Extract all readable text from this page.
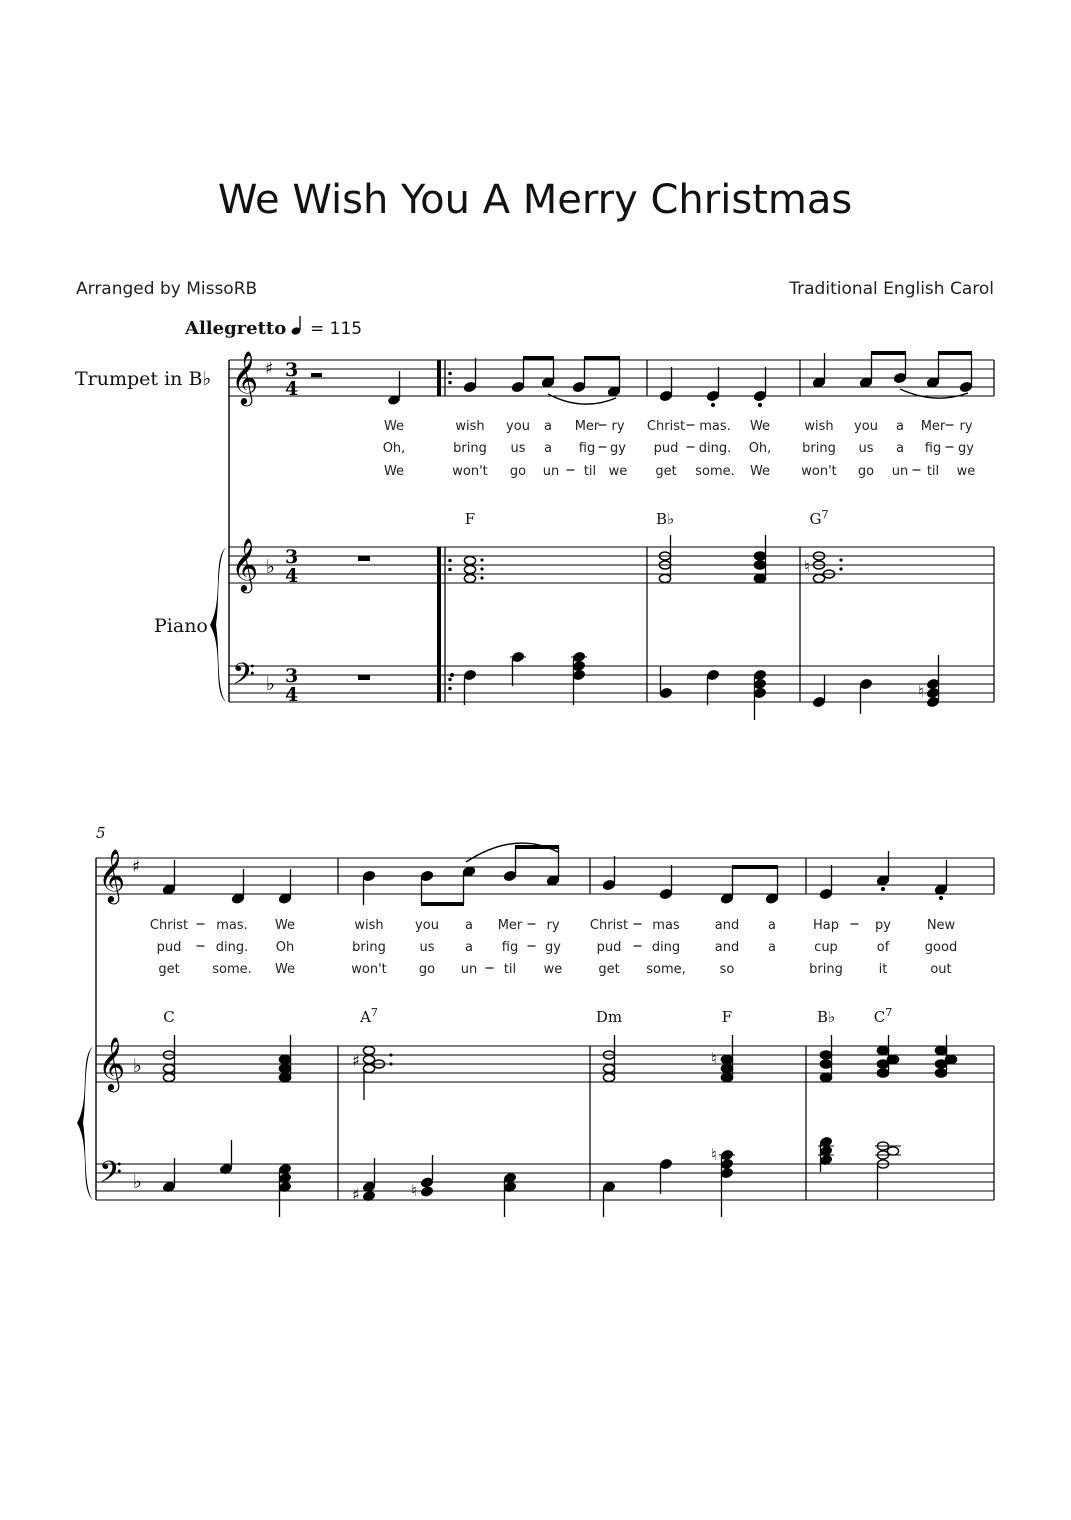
We Wish You A Merry Christmas
Arranged by MissoRB	Traditional English Carol
Allegretto = 115
Trumpet in B♭
Piano
𝄞
𝄞
𝄢
♯
♭
♭
3
4
3
4
3
4
We	wish you a Mer ry Christ mas. We	wish you a Mer ry
Oh,	bring us a fig gy pud ding. Oh, bring us a fig gy
We	won't go un til we get some. We won't go un til we
F	B♭	$G^7$
♮
♮
5
𝄞
𝄞
𝄢
♯
♭
♭
Christ mas. We	wish you a Mer ry Christ mas	and a	Hap	py	New
pud	ding. Oh	bring	us a fig gy	pud ding	and a	cup	of	good
get	some. We	won't go un til we	get some,	so	bring	it	out
C	$A^7$	Dm	F	B♭	$C^7$
♯	♮
♯	♮
♮
